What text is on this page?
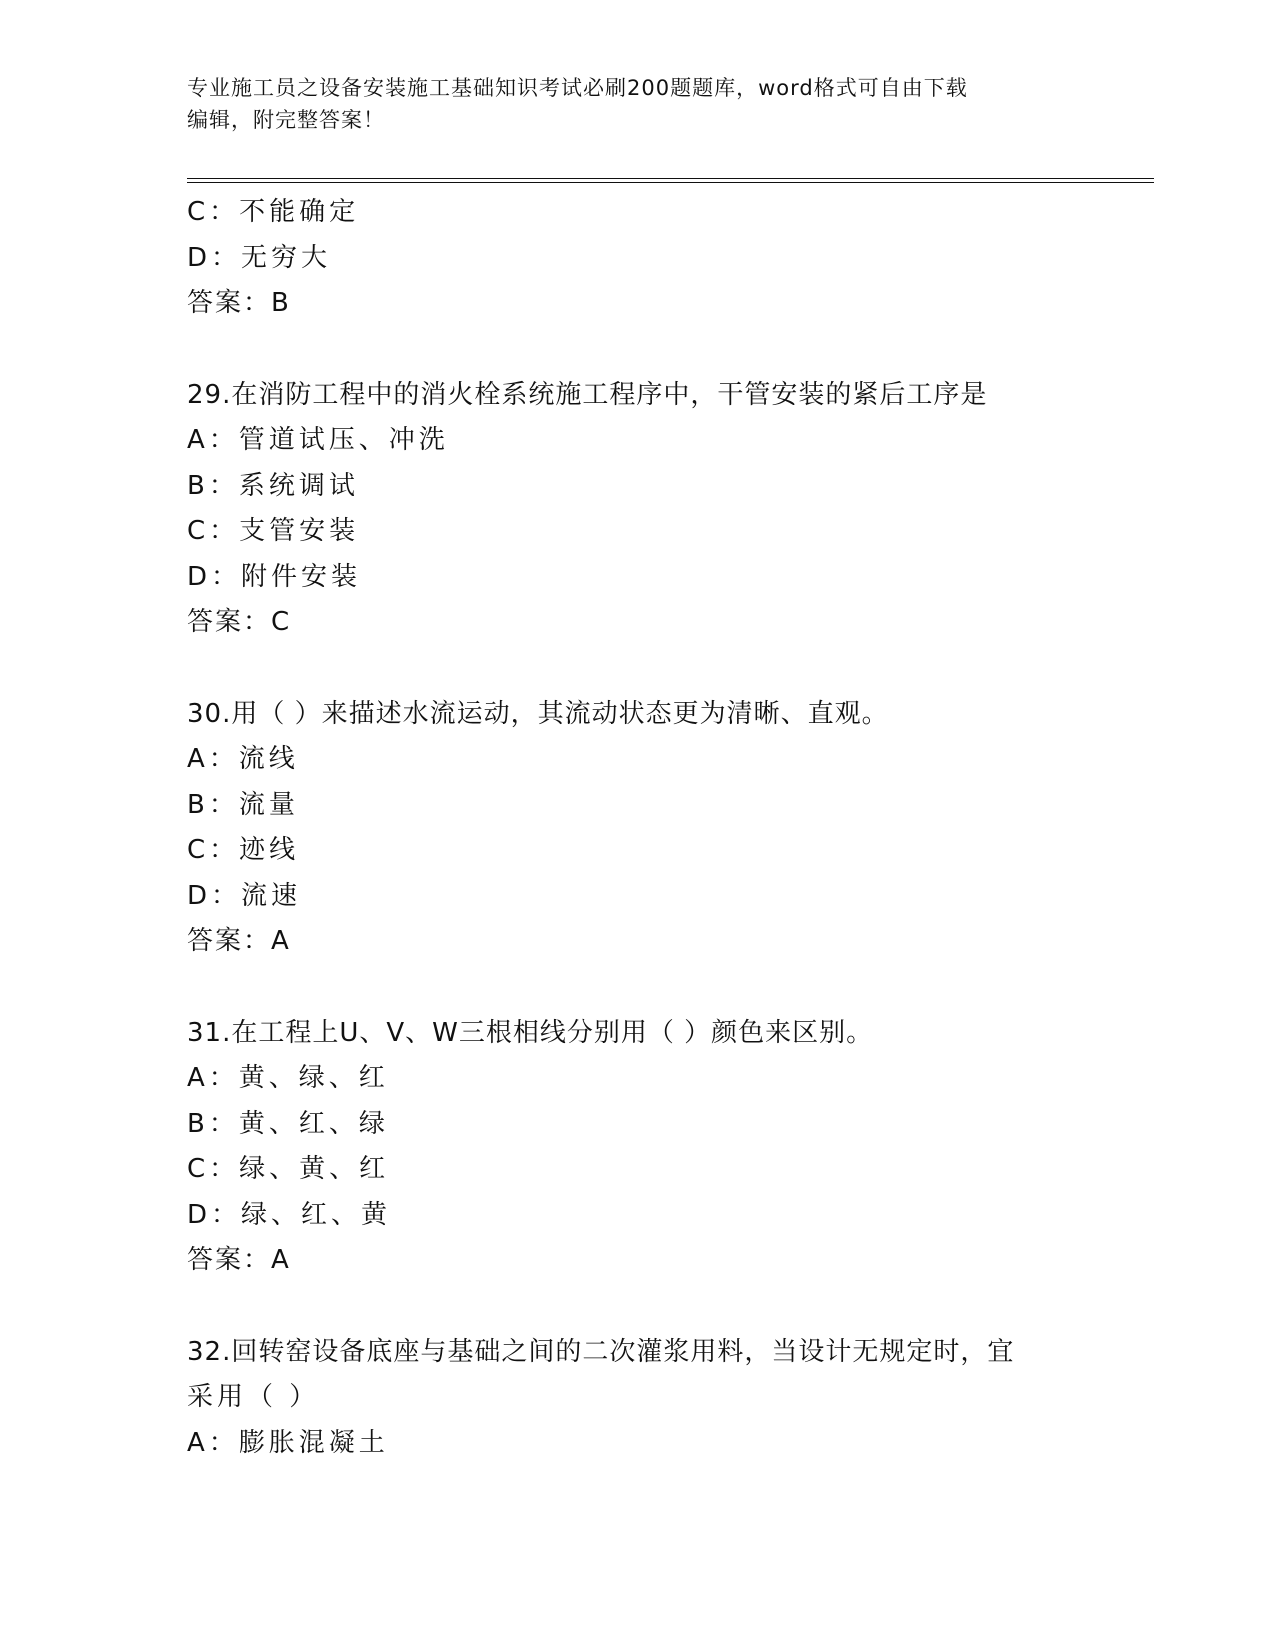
专业施工员之设备安装施工基础知识考试必刷200题题库，word格式可自由下载
编辑，附完整答案！
C：不能确定
D：无穷大
答案：B
29.在消防工程中的消火栓系统施工程序中，干管安装的紧后工序是
A：管道试压、冲洗
B：系统调试
C：支管安装
D：附件安装
答案：C
30.用（ ）来描述水流运动，其流动状态更为清晰、直观。
A：流线
B：流量
C：迹线
D：流速
答案：A
31.在工程上U、V、W三根相线分别用（ ）颜色来区别。
A：黄、绿、红
B：黄、红、绿
C：绿、黄、红
D：绿、红、黄
答案：A
32.回转窑设备底座与基础之间的二次灌浆用料，当设计无规定时，宜
采用（ ）
A：膨胀混凝土
